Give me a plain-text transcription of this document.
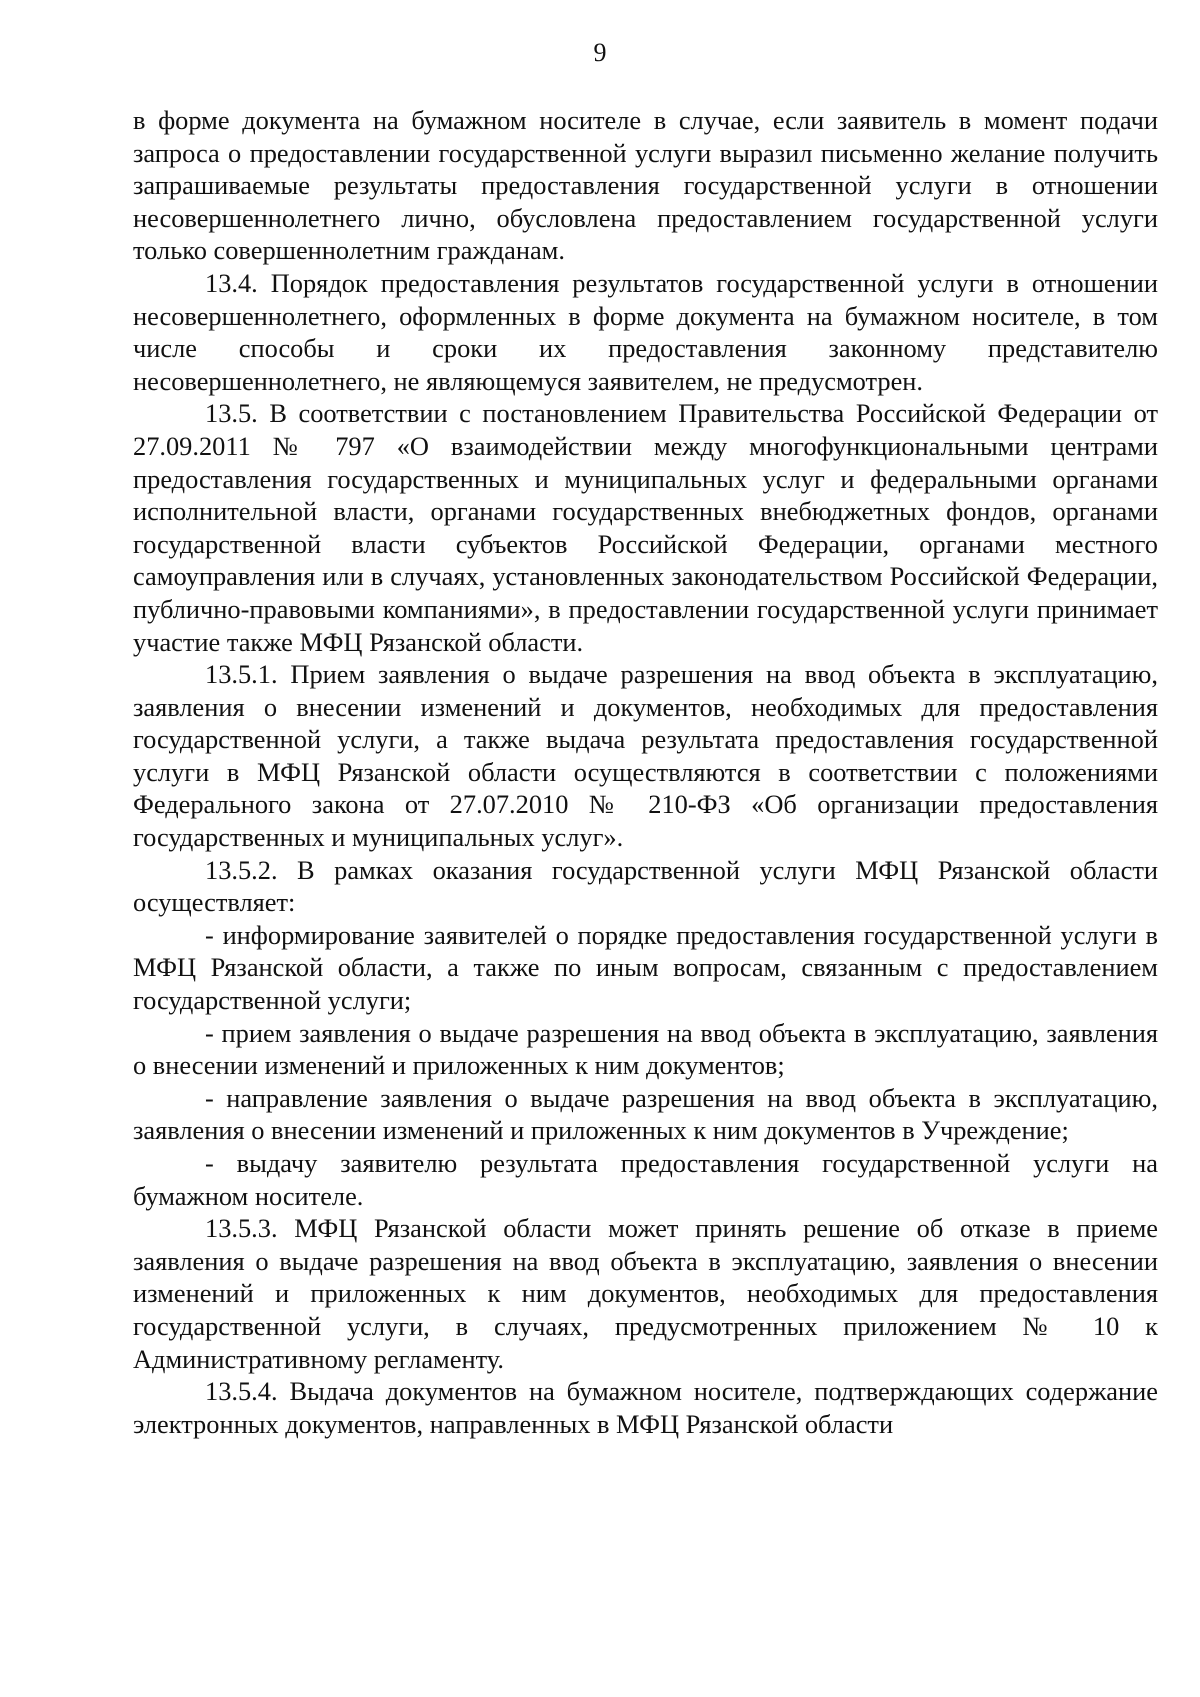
9

в форме документа на бумажном носителе в случае, если заявитель в момент подачи запроса о предоставлении государственной услуги выразил письменно желание получить запрашиваемые результаты предоставления государственной услуги в отношении несовершеннолетнего лично, обусловлена предоставлением государственной услуги только совершеннолетним гражданам.

13.4. Порядок предоставления результатов государственной услуги в отношении несовершеннолетнего, оформленных в форме документа на бумажном носителе, в том числе способы и сроки их предоставления законному представителю несовершеннолетнего, не являющемуся заявителем, не предусмотрен.

13.5. В соответствии с постановлением Правительства Российской Федерации от 27.09.2011 № 797 «О взаимодействии между многофункциональными центрами предоставления государственных и муниципальных услуг и федеральными органами исполнительной власти, органами государственных внебюджетных фондов, органами государственной власти субъектов Российской Федерации, органами местного самоуправления или в случаях, установленных законодательством Российской Федерации, публично-правовыми компаниями», в предоставлении государственной услуги принимает участие также МФЦ Рязанской области.

13.5.1. Прием заявления о выдаче разрешения на ввод объекта в эксплуатацию, заявления о внесении изменений и документов, необходимых для предоставления государственной услуги, а также выдача результата предоставления государственной услуги в МФЦ Рязанской области осуществляются в соответствии с положениями Федерального закона от 27.07.2010 № 210-ФЗ «Об организации предоставления государственных и муниципальных услуг».

13.5.2. В рамках оказания государственной услуги МФЦ Рязанской области осуществляет:

- информирование заявителей о порядке предоставления государственной услуги в МФЦ Рязанской области, а также по иным вопросам, связанным с предоставлением государственной услуги;

- прием заявления о выдаче разрешения на ввод объекта в эксплуатацию, заявления о внесении изменений и приложенных к ним документов;

- направление заявления о выдаче разрешения на ввод объекта в эксплуатацию, заявления о внесении изменений и приложенных к ним документов в Учреждение;

- выдачу заявителю результата предоставления государственной услуги на бумажном носителе.

13.5.3. МФЦ Рязанской области может принять решение об отказе в приеме заявления о выдаче разрешения на ввод объекта в эксплуатацию, заявления о внесении изменений и приложенных к ним документов, необходимых для предоставления государственной услуги, в случаях, предусмотренных приложением № 10 к Административному регламенту.

13.5.4. Выдача документов на бумажном носителе, подтверждающих содержание электронных документов, направленных в МФЦ Рязанской области
